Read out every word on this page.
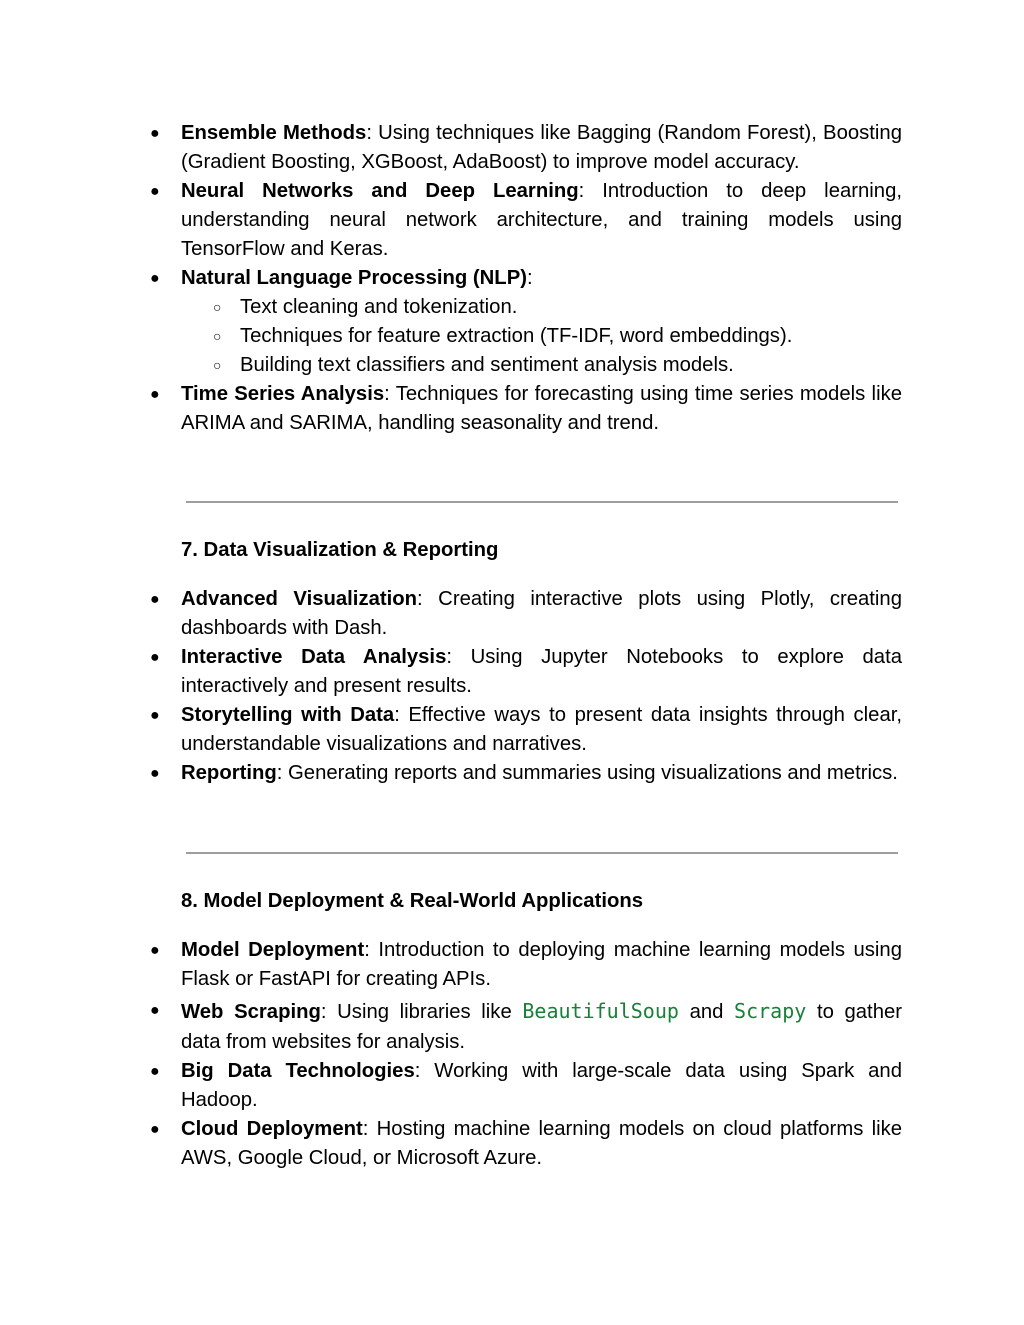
● Ensemble Methods: Using techniques like Bagging (Random Forest), Boosting (Gradient Boosting, XGBoost, AdaBoost) to improve model accuracy.
● Neural Networks and Deep Learning: Introduction to deep learning, understanding neural network architecture, and training models using TensorFlow and Keras.
● Natural Language Processing (NLP):
○ Text cleaning and tokenization.
○ Techniques for feature extraction (TF-IDF, word embeddings).
○ Building text classifiers and sentiment analysis models.
● Time Series Analysis: Techniques for forecasting using time series models like ARIMA and SARIMA, handling seasonality and trend.
7. Data Visualization & Reporting
● Advanced Visualization: Creating interactive plots using Plotly, creating dashboards with Dash.
● Interactive Data Analysis: Using Jupyter Notebooks to explore data interactively and present results.
● Storytelling with Data: Effective ways to present data insights through clear, understandable visualizations and narratives.
● Reporting: Generating reports and summaries using visualizations and metrics.
8. Model Deployment & Real-World Applications
● Model Deployment: Introduction to deploying machine learning models using Flask or FastAPI for creating APIs.
● Web Scraping: Using libraries like BeautifulSoup and Scrapy to gather data from websites for analysis.
● Big Data Technologies: Working with large-scale data using Spark and Hadoop.
● Cloud Deployment: Hosting machine learning models on cloud platforms like AWS, Google Cloud, or Microsoft Azure.
